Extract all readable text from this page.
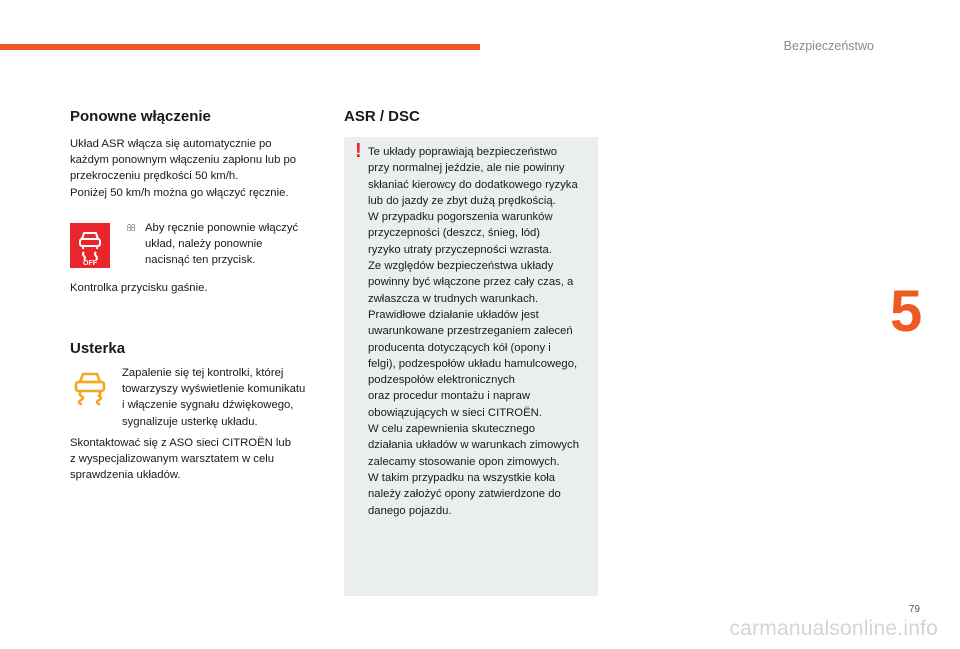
Bezpieczeństwo
5
Ponowne włączenie

Układ ASR włącza się automatycznie po

każdym ponownym włączeniu zapłonu lub po

przekroczeniu prędkości 50 km/h.

Poniżej 50 km/h można go włączyć ręcznie.

OFF

Aby ręcznie ponownie włączyć

układ, należy ponownie

nacisnąć ten przycisk.

Kontrolka przycisku gaśnie.
Usterka

Zapalenie się tej kontrolki, której

towarzyszy wyświetlenie komunikatu

i włączenie sygnału dźwiękowego,

sygnalizuje usterkę układu.

Skontaktować się z ASO sieci CITROËN lub

z wyspecjalizowanym warsztatem w celu

sprawdzenia układów.

ASR / DSC
! Te układy poprawiają bezpieczeństwo

przy normalnej jeździe, ale nie powinny

skłaniać kierowcy do dodatkowego ryzyka

lub do jazdy ze zbyt dużą prędkością.

W przypadku pogorszenia warunków

przyczepności (deszcz, śnieg, lód)

ryzyko utraty przyczepności wzrasta.

Ze względów bezpieczeństwa układy

powinny być włączone przez cały czas, a

zwłaszcza w trudnych warunkach.

Prawidłowe działanie układów jest

uwarunkowane przestrzeganiem zaleceń

producenta dotyczących kół (opony i

felgi), podzespołów układu hamulcowego,

podzespołów elektronicznych

oraz procedur montażu i napraw

obowiązujących w sieci CITROËN.

W celu zapewnienia skutecznego

działania układów w warunkach zimowych

zalecamy stosowanie opon zimowych.

W takim przypadku na wszystkie koła

należy założyć opony zatwierdzone do

danego pojazdu.

79
carmanualsonline.info
